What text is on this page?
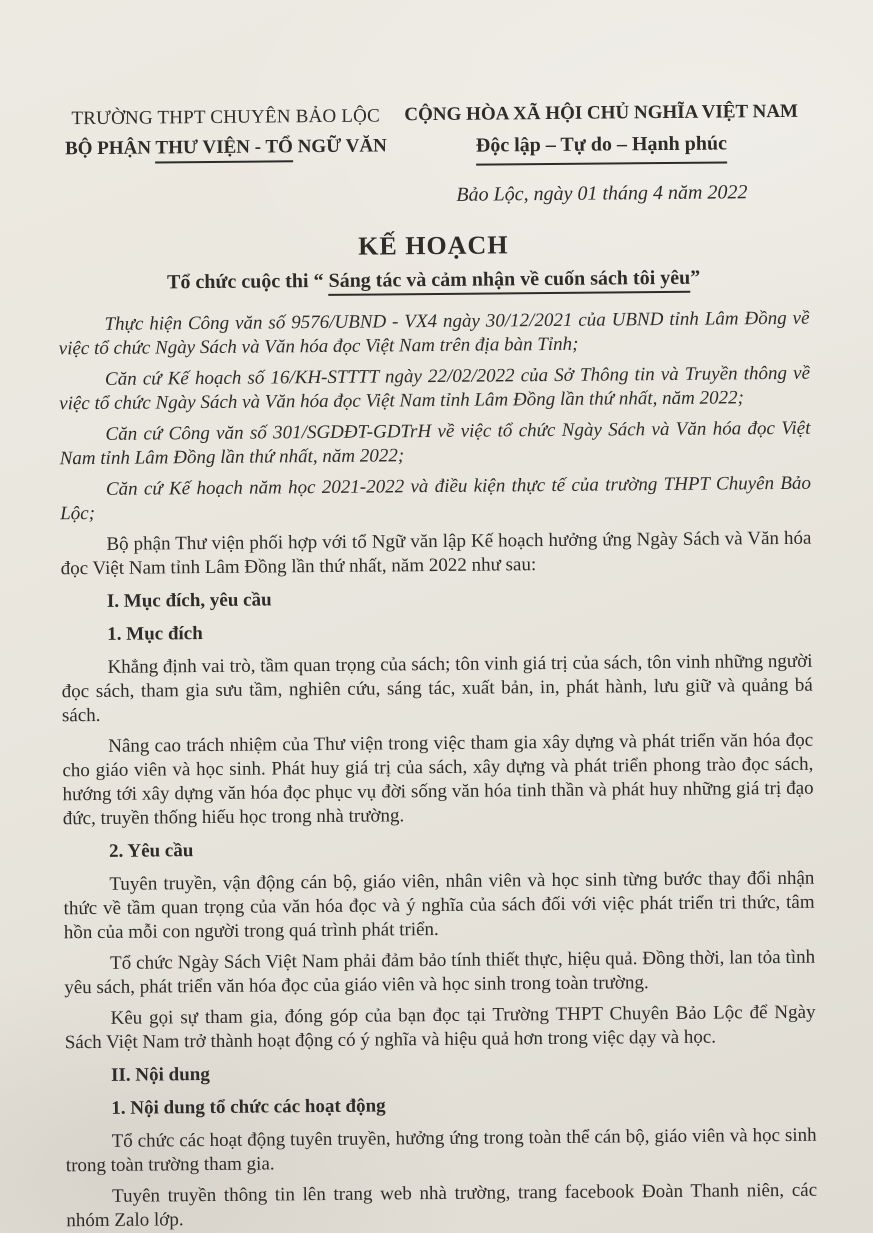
TRƯỜNG THPT CHUYÊN BẢO LỘC
BỘ PHẬN THƯ VIỆN - TỔ NGỮ VĂN
CỘNG HÒA XÃ HỘI CHỦ NGHĨA VIỆT NAM
Độc lập – Tự do – Hạnh phúc
Bảo Lộc, ngày 01 tháng 4 năm 2022
KẾ HOẠCH
Tổ chức cuộc thi “ Sáng tác và cảm nhận về cuốn sách tôi yêu”

Thực hiện Công văn số 9576/UBND - VX4 ngày 30/12/2021 của UBND tỉnh Lâm Đồng về việc tổ chức Ngày Sách và Văn hóa đọc Việt Nam trên địa bàn Tỉnh;

Căn cứ Kế hoạch số 16/KH-STTTT ngày 22/02/2022 của Sở Thông tin và Truyền thông về việc tổ chức Ngày Sách và Văn hóa đọc Việt Nam tỉnh Lâm Đồng lần thứ nhất, năm 2022;

Căn cứ Công văn số 301/SGDĐT-GDTrH về việc tổ chức Ngày Sách và Văn hóa đọc Việt Nam tỉnh Lâm Đồng lần thứ nhất, năm 2022;

Căn cứ Kế hoạch năm học 2021-2022 và điều kiện thực tế của trường THPT Chuyên Bảo Lộc;

Bộ phận Thư viện phối hợp với tổ Ngữ văn lập Kế hoạch hưởng ứng Ngày Sách và Văn hóa đọc Việt Nam tỉnh Lâm Đồng lần thứ nhất, năm 2022 như sau:

I. Mục đích, yêu cầu

1. Mục đích

Khẳng định vai trò, tầm quan trọng của sách; tôn vinh giá trị của sách, tôn vinh những người đọc sách, tham gia sưu tầm, nghiên cứu, sáng tác, xuất bản, in, phát hành, lưu giữ và quảng bá sách.

Nâng cao trách nhiệm của Thư viện trong việc tham gia xây dựng và phát triển văn hóa đọc cho giáo viên và học sinh. Phát huy giá trị của sách, xây dựng và phát triển phong trào đọc sách, hướng tới xây dựng văn hóa đọc phục vụ đời sống văn hóa tinh thần và phát huy những giá trị đạo đức, truyền thống hiếu học trong nhà trường.

2. Yêu cầu

Tuyên truyền, vận động cán bộ, giáo viên, nhân viên và học sinh từng bước thay đổi nhận thức về tầm quan trọng của văn hóa đọc và ý nghĩa của sách đối với việc phát triển tri thức, tâm hồn của mỗi con người trong quá trình phát triển.

Tổ chức Ngày Sách Việt Nam phải đảm bảo tính thiết thực, hiệu quả. Đồng thời, lan tỏa tình yêu sách, phát triển văn hóa đọc của giáo viên và học sinh trong toàn trường.

Kêu gọi sự tham gia, đóng góp của bạn đọc tại Trường THPT Chuyên Bảo Lộc để Ngày Sách Việt Nam trở thành hoạt động có ý nghĩa và hiệu quả hơn trong việc dạy và học.

II. Nội dung

1. Nội dung tổ chức các hoạt động

Tổ chức các hoạt động tuyên truyền, hưởng ứng trong toàn thể cán bộ, giáo viên và học sinh trong toàn trường tham gia.

Tuyên truyền thông tin lên trang web nhà trường, trang facebook Đoàn Thanh niên, các nhóm Zalo lớp.
